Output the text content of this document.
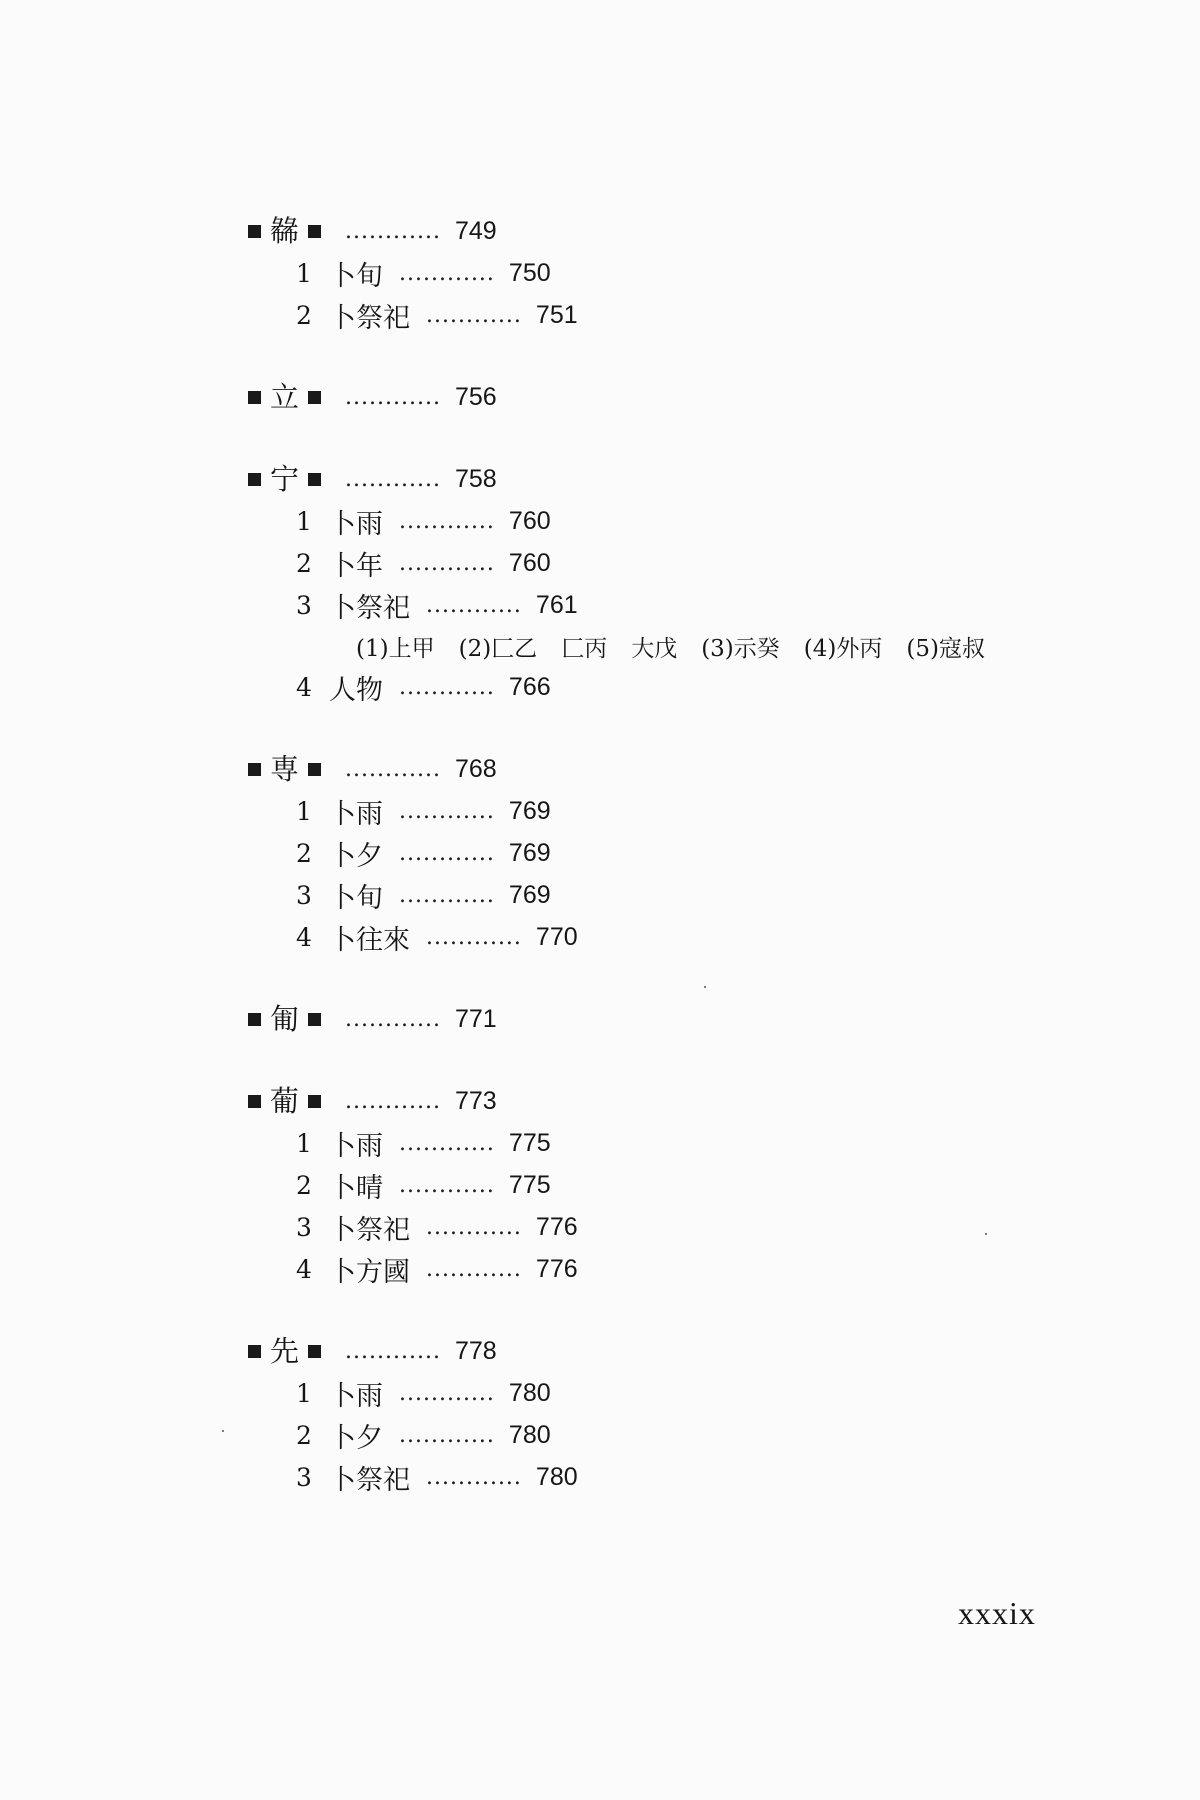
㣈 ............ 749
1 卜旬 ............ 750
2 卜祭祀 ............ 751
立 ............ 756
宁 ............ 758
1 卜雨 ............ 760
2 卜年 ............ 760
3 卜祭祀 ............ 761
(1)上甲 (2)匚乙 匚丙 大戊 (3)示癸 (4)外丙 (5)寇叔
4 人物 ............ 766
専 ............ 768
1 卜雨 ............ 769
2 卜夕 ............ 769
3 卜旬 ............ 769
4 卜往來 ............ 770
匍 ............ 771
葡 ............ 773
1 卜雨 ............ 775
2 卜晴 ............ 775
3 卜祭祀 ............ 776
4 卜方國 ............ 776
先 ............ 778
1 卜雨 ............ 780
2 卜夕 ............ 780
3 卜祭祀 ............ 780
xxxix
